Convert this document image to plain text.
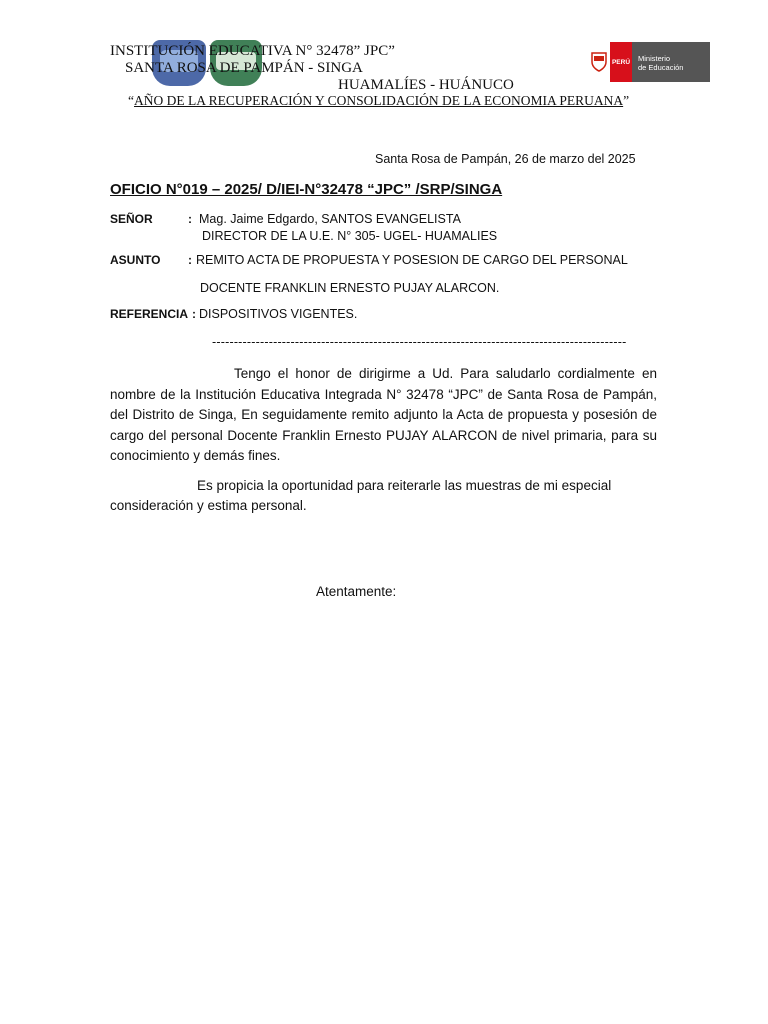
INSTITUCIÓN EDUCATIVA N° 32478” JPC”
SANTA ROSA DE PAMPÁN - SINGA
HUAMALÍES - HUÁNUCO
“AÑO DE LA RECUPERACIÓN Y CONSOLIDACIÓN DE LA ECONOMIA PERUANA”
PERÚ Ministerio
de Educación
Santa Rosa de Pampán, 26 de marzo del 2025
OFICIO N°019 – 2025/ D/IEI-N°32478 “JPC” /SRP/SINGA
SEÑOR	: Mag. Jaime Edgardo, SANTOS EVANGELISTA
DIRECTOR DE LA U.E. N° 305- UGEL- HUAMALIES
ASUNTO : REMITO ACTA DE PROPUESTA Y POSESION DE CARGO DEL PERSONAL
DOCENTE FRANKLIN ERNESTO PUJAY ALARCON.
REFERENCIA : DISPOSITIVOS VIGENTES.
-----------------------------------------------------------------------------------------------
Tengo el honor de dirigirme a Ud. Para saludarlo cordialmente en nombre de la Institución Educativa Integrada N° 32478 “JPC” de Santa Rosa de Pampán, del Distrito de Singa, En seguidamente remito adjunto la Acta de propuesta y posesión de cargo del personal Docente Franklin Ernesto PUJAY ALARCON de nivel primaria, para su conocimiento y demás fines.
Es propicia la oportunidad para reiterarle las muestras de mi especial consideración y estima personal.
Atentamente:
